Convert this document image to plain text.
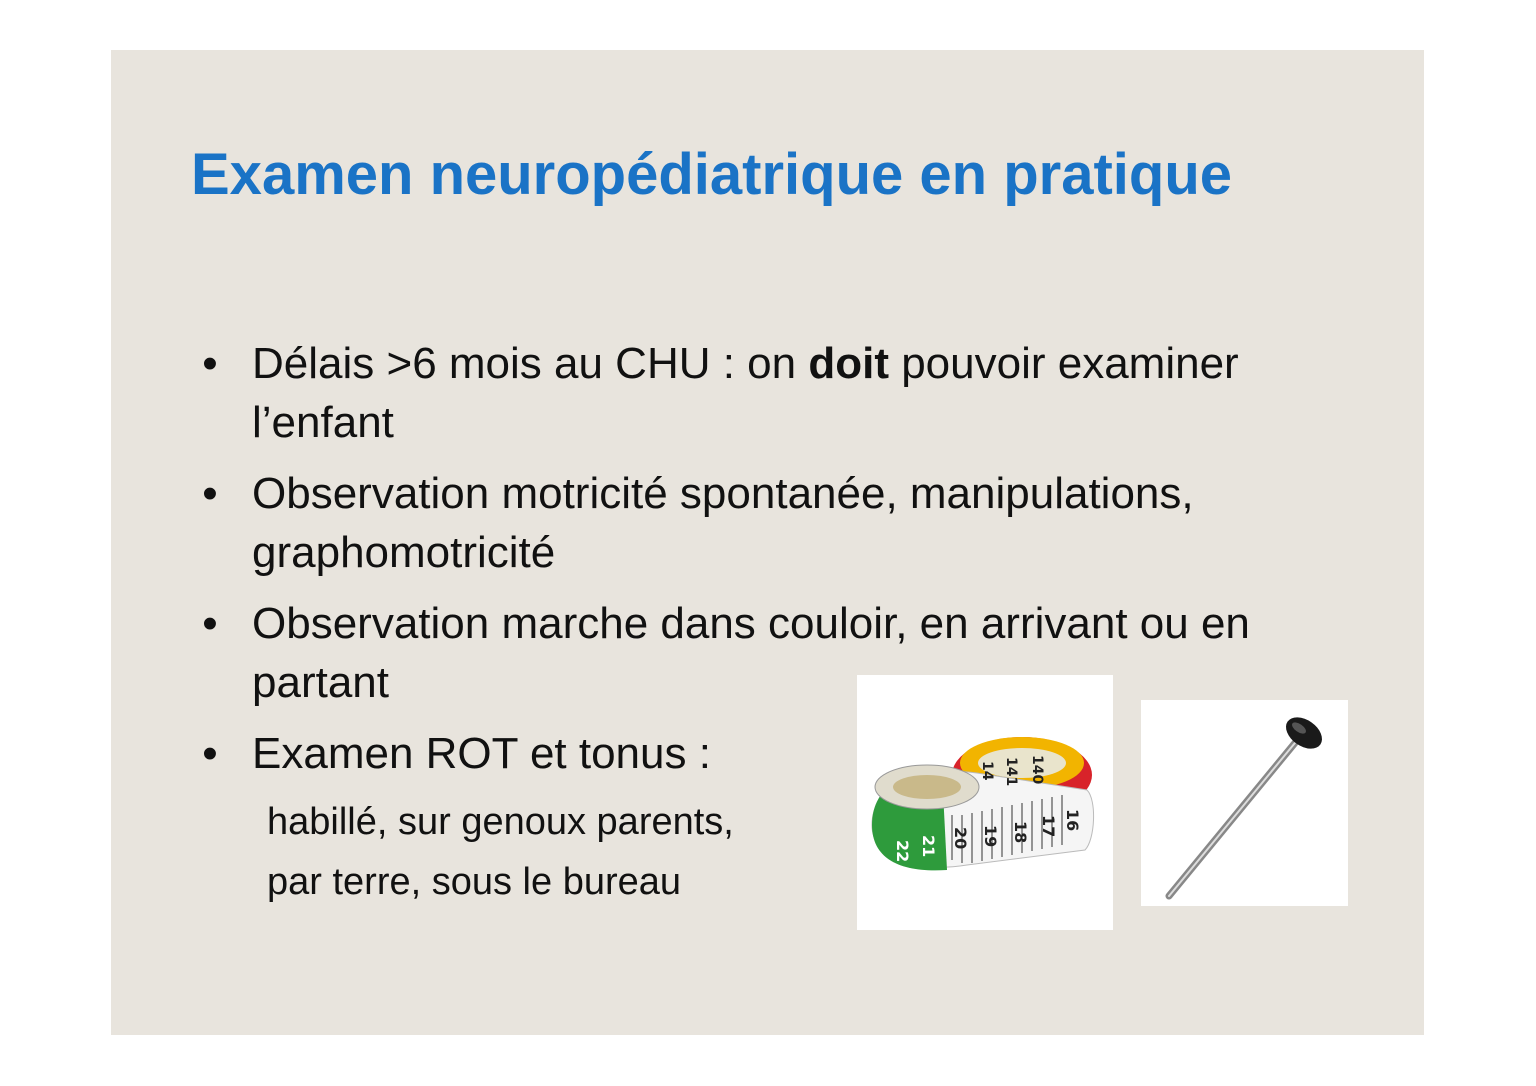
Examen neuropédiatrique en pratique
• Délais >6 mois au CHU : on doit pouvoir examiner l’enfant
• Observation motricité spontanée, manipulations, graphomotricité
• Observation marche dans couloir, en arrivant ou en partant
• Examen ROT et tonus :
habillé, sur genoux parents,
par terre, sous le bureau
22 21 20 19 18 17 16
141 140
14
